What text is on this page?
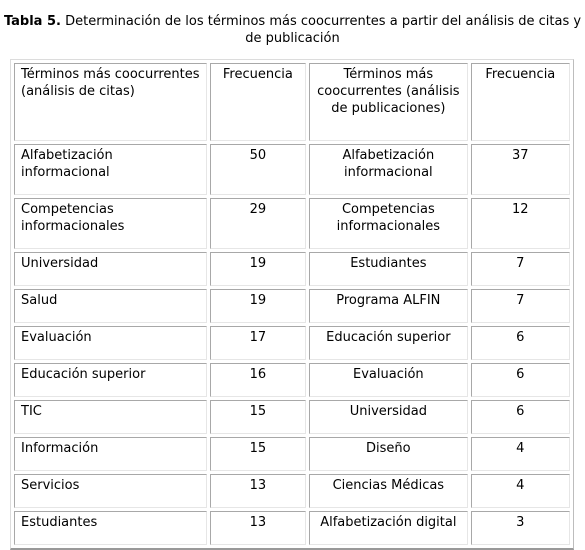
Tabla 5. Determinación de los términos más coocurrentes a partir del análisis de citas y de publicación
Términos más coocurrentes (análisis de citas)	Frecuencia	Términos más coocurrentes (análisis de publicaciones)	Frecuencia
Alfabetización informacional	50	Alfabetización informacional	37
Competencias informacionales	29	Competencias informacionales	12
Universidad	19	Estudiantes	7
Salud	19	Programa ALFIN	7
Evaluación	17	Educación superior	6
Educación superior	16	Evaluación	6
TIC	15	Universidad	6
Información	15	Diseño	4
Servicios	13	Ciencias Médicas	4
Estudiantes	13	Alfabetización digital	3
